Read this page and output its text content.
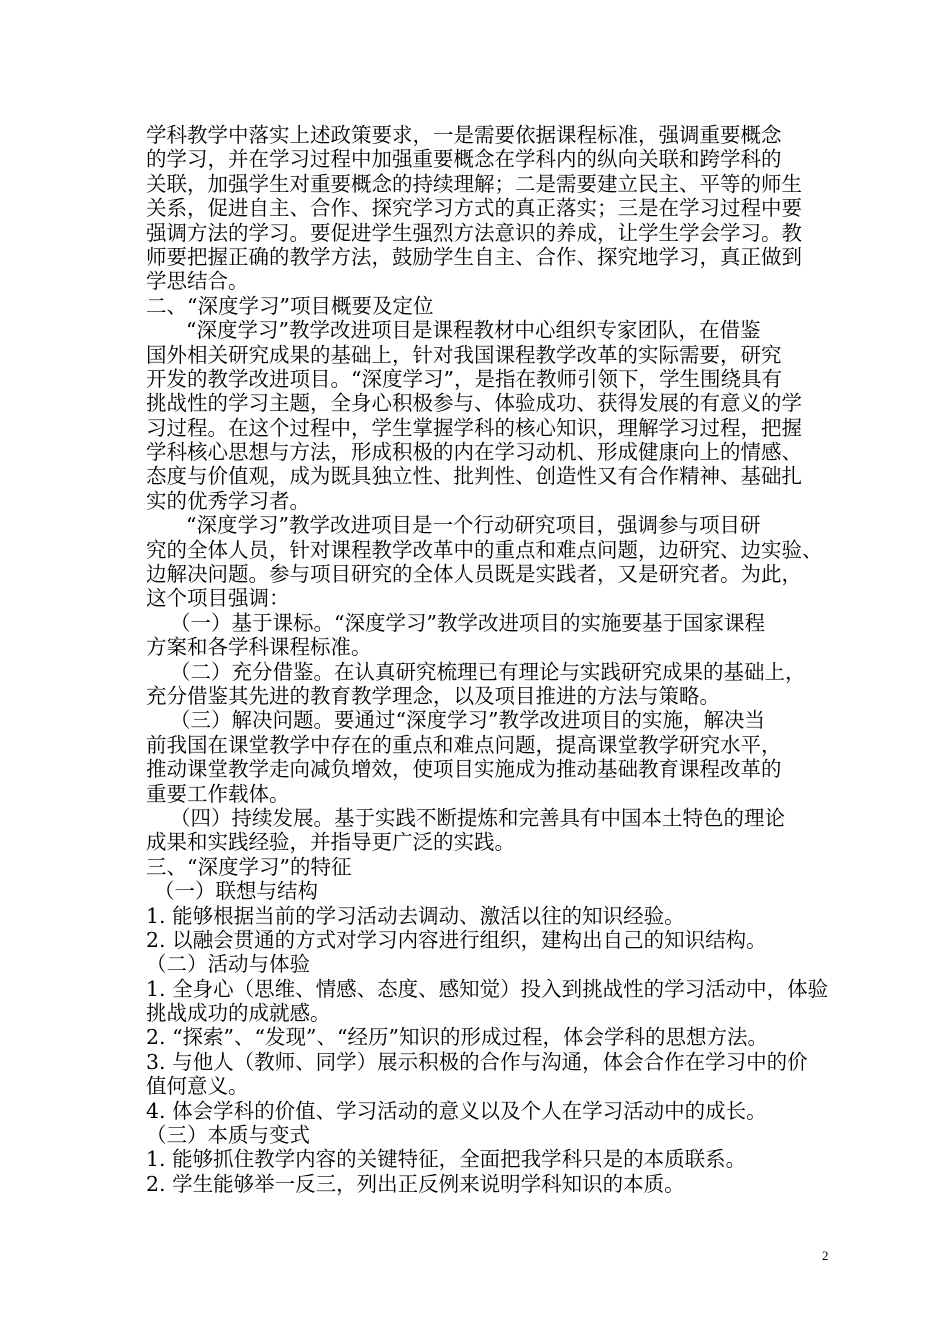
学科教学中落实上述政策要求，一是需要依据课程标准，强调重要概念
的学习，并在学习过程中加强重要概念在学科内的纵向关联和跨学科的
关联，加强学生对重要概念的持续理解；二是需要建立民主、平等的师生
关系，促进自主、合作、探究学习方式的真正落实；三是在学习过程中要
强调方法的学习。要促进学生强烈方法意识的养成，让学生学会学习。教
师要把握正确的教学方法，鼓励学生自主、合作、探究地学习，真正做到
学思结合。
二、“深度学习”项目概要及定位
“深度学习”教学改进项目是课程教材中心组织专家团队，在借鉴
国外相关研究成果的基础上，针对我国课程教学改革的实际需要，研究
开发的教学改进项目。“深度学习”，是指在教师引领下，学生围绕具有
挑战性的学习主题，全身心积极参与、体验成功、获得发展的有意义的学
习过程。在这个过程中，学生掌握学科的核心知识，理解学习过程，把握
学科核心思想与方法，形成积极的内在学习动机、形成健康向上的情感、
态度与价值观，成为既具独立性、批判性、创造性又有合作精神、基础扎
实的优秀学习者。
“深度学习”教学改进项目是一个行动研究项目，强调参与项目研
究的全体人员，针对课程教学改革中的重点和难点问题，边研究、边实验、
边解决问题。参与项目研究的全体人员既是实践者，又是研究者。为此，
这个项目强调：
（一）基于课标。“深度学习”教学改进项目的实施要基于国家课程
方案和各学科课程标准。
（二）充分借鉴。在认真研究梳理已有理论与实践研究成果的基础上，
充分借鉴其先进的教育教学理念，以及项目推进的方法与策略。
（三）解决问题。要通过“深度学习”教学改进项目的实施，解决当
前我国在课堂教学中存在的重点和难点问题，提高课堂教学研究水平，
推动课堂教学走向减负增效，使项目实施成为推动基础教育课程改革的
重要工作载体。
（四）持续发展。基于实践不断提炼和完善具有中国本土特色的理论
成果和实践经验，并指导更广泛的实践。
三、“深度学习”的特征
（一）联想与结构
1. 能够根据当前的学习活动去调动、激活以往的知识经验。
2. 以融会贯通的方式对学习内容进行组织，建构出自己的知识结构。
（二）活动与体验
1. 全身心（思维、情感、态度、感知觉）投入到挑战性的学习活动中，体验
挑战成功的成就感。
2. “探索”、“发现”、“经历”知识的形成过程，体会学科的思想方法。
3. 与他人（教师、同学）展示积极的合作与沟通，体会合作在学习中的价
值何意义。
4. 体会学科的价值、学习活动的意义以及个人在学习活动中的成长。
（三）本质与变式
1. 能够抓住教学内容的关键特征，全面把我学科只是的本质联系。
2. 学生能够举一反三，列出正反例来说明学科知识的本质。
2
